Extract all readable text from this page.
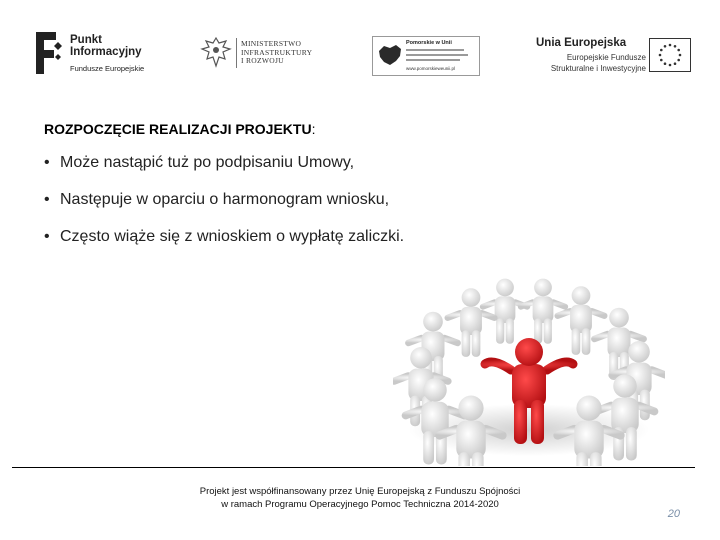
Punkt
Informacyjny
Fundusze Europejskie
MINISTERSTWO
INFRASTRUKTURY
I ROZWOJU
Pomorskie w Unii
www.pomorskieweunii.pl
Unia Europejska
Europejskie Fundusze
Strukturalne i Inwestycyjne
ROZPOCZĘCIE REALIZACJI PROJEKTU:
• Może nastąpić tuż po podpisaniu Umowy,
• Następuje w oparciu o harmonogram wniosku,
• Często wiąże się z wnioskiem o wypłatę zaliczki.
Projekt jest współfinansowany przez Unię Europejską z Funduszu Spójności
w ramach Programu Operacyjnego Pomoc Techniczna 2014-2020
20
